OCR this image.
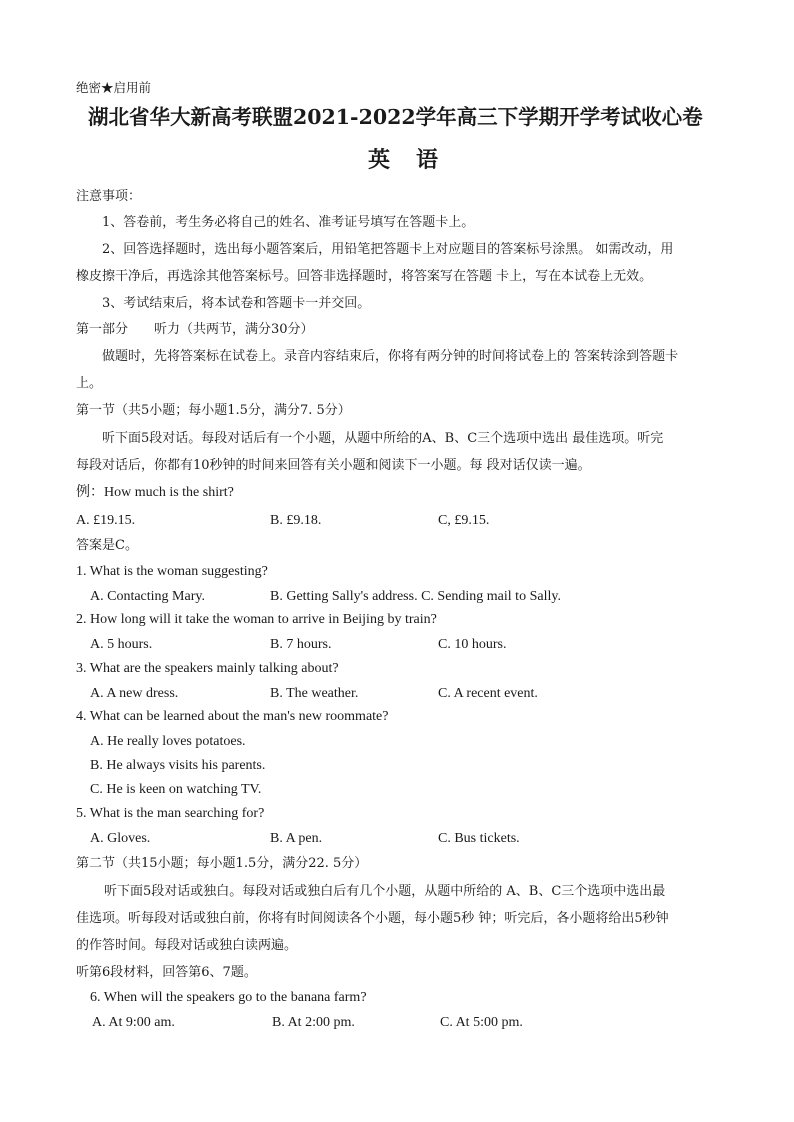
绝密★启用前
湖北省华大新高考联盟2021-2022学年高三下学期开学考试收心卷
英语
注意事项：
1、答卷前，考生务必将自己的姓名、准考证号填写在答题卡上。
2、回答选择题时，选出每小题答案后，用铅笔把答题卡上对应题目的答案标号涂黑。 如需改动，用
橡皮擦干净后，再选涂其他答案标号。回答非选择题时，将答案写在答题 卡上，写在本试卷上无效。
3、考试结束后，将本试卷和答题卡一并交回。
第一部分　　听力（共两节，满分30分）
做题时，先将答案标在试卷上。录音内容结束后，你将有两分钟的时间将试卷上的 答案转涂到答题卡
上。
第一节（共5小题；每小题1.5分，满分7. 5分）
听下面5段对话。每段对话后有一个小题，从题中所给的A、B、C三个选项中选出 最佳选项。听完
每段对话后，你都有10秒钟的时间来回答有关小题和阅读下一小题。每 段对话仅读一遍。
例：How much is the shirt?
A. £19.15.	B. £9.18.	C, £9.15.
答案是C。
1. What is the woman suggesting?
A. Contacting Mary.	B. Getting Sally's address. C. Sending mail to Sally.
2. How long will it take the woman to arrive in Beijing by train?
A. 5 hours.	B. 7 hours.	C. 10 hours.
3. What are the speakers mainly talking about?
A. A new dress.	B. The weather.	C. A recent event.
4. What can be learned about the man's new roommate?
A. He really loves potatoes.
B. He always visits his parents.
C. He is keen on watching TV.
5. What is the man searching for?
A. Gloves.	B. A pen.	C. Bus tickets.
第二节（共15小题；每小题1.5分，满分22. 5分）
听下面5段对话或独白。每段对话或独白后有几个小题，从题中所给的 A、B、C三个选项中选出最
佳选项。听每段对话或独白前，你将有时间阅读各个小题，每小题5秒 钟；听完后，各小题将给出5秒钟
的作答时间。每段对话或独白读两遍。
听第6段材料，回答第6、7题。
6. When will the speakers go to the banana farm?
A. At 9:00 am.	B. At 2:00 pm.	C. At 5:00 pm.
